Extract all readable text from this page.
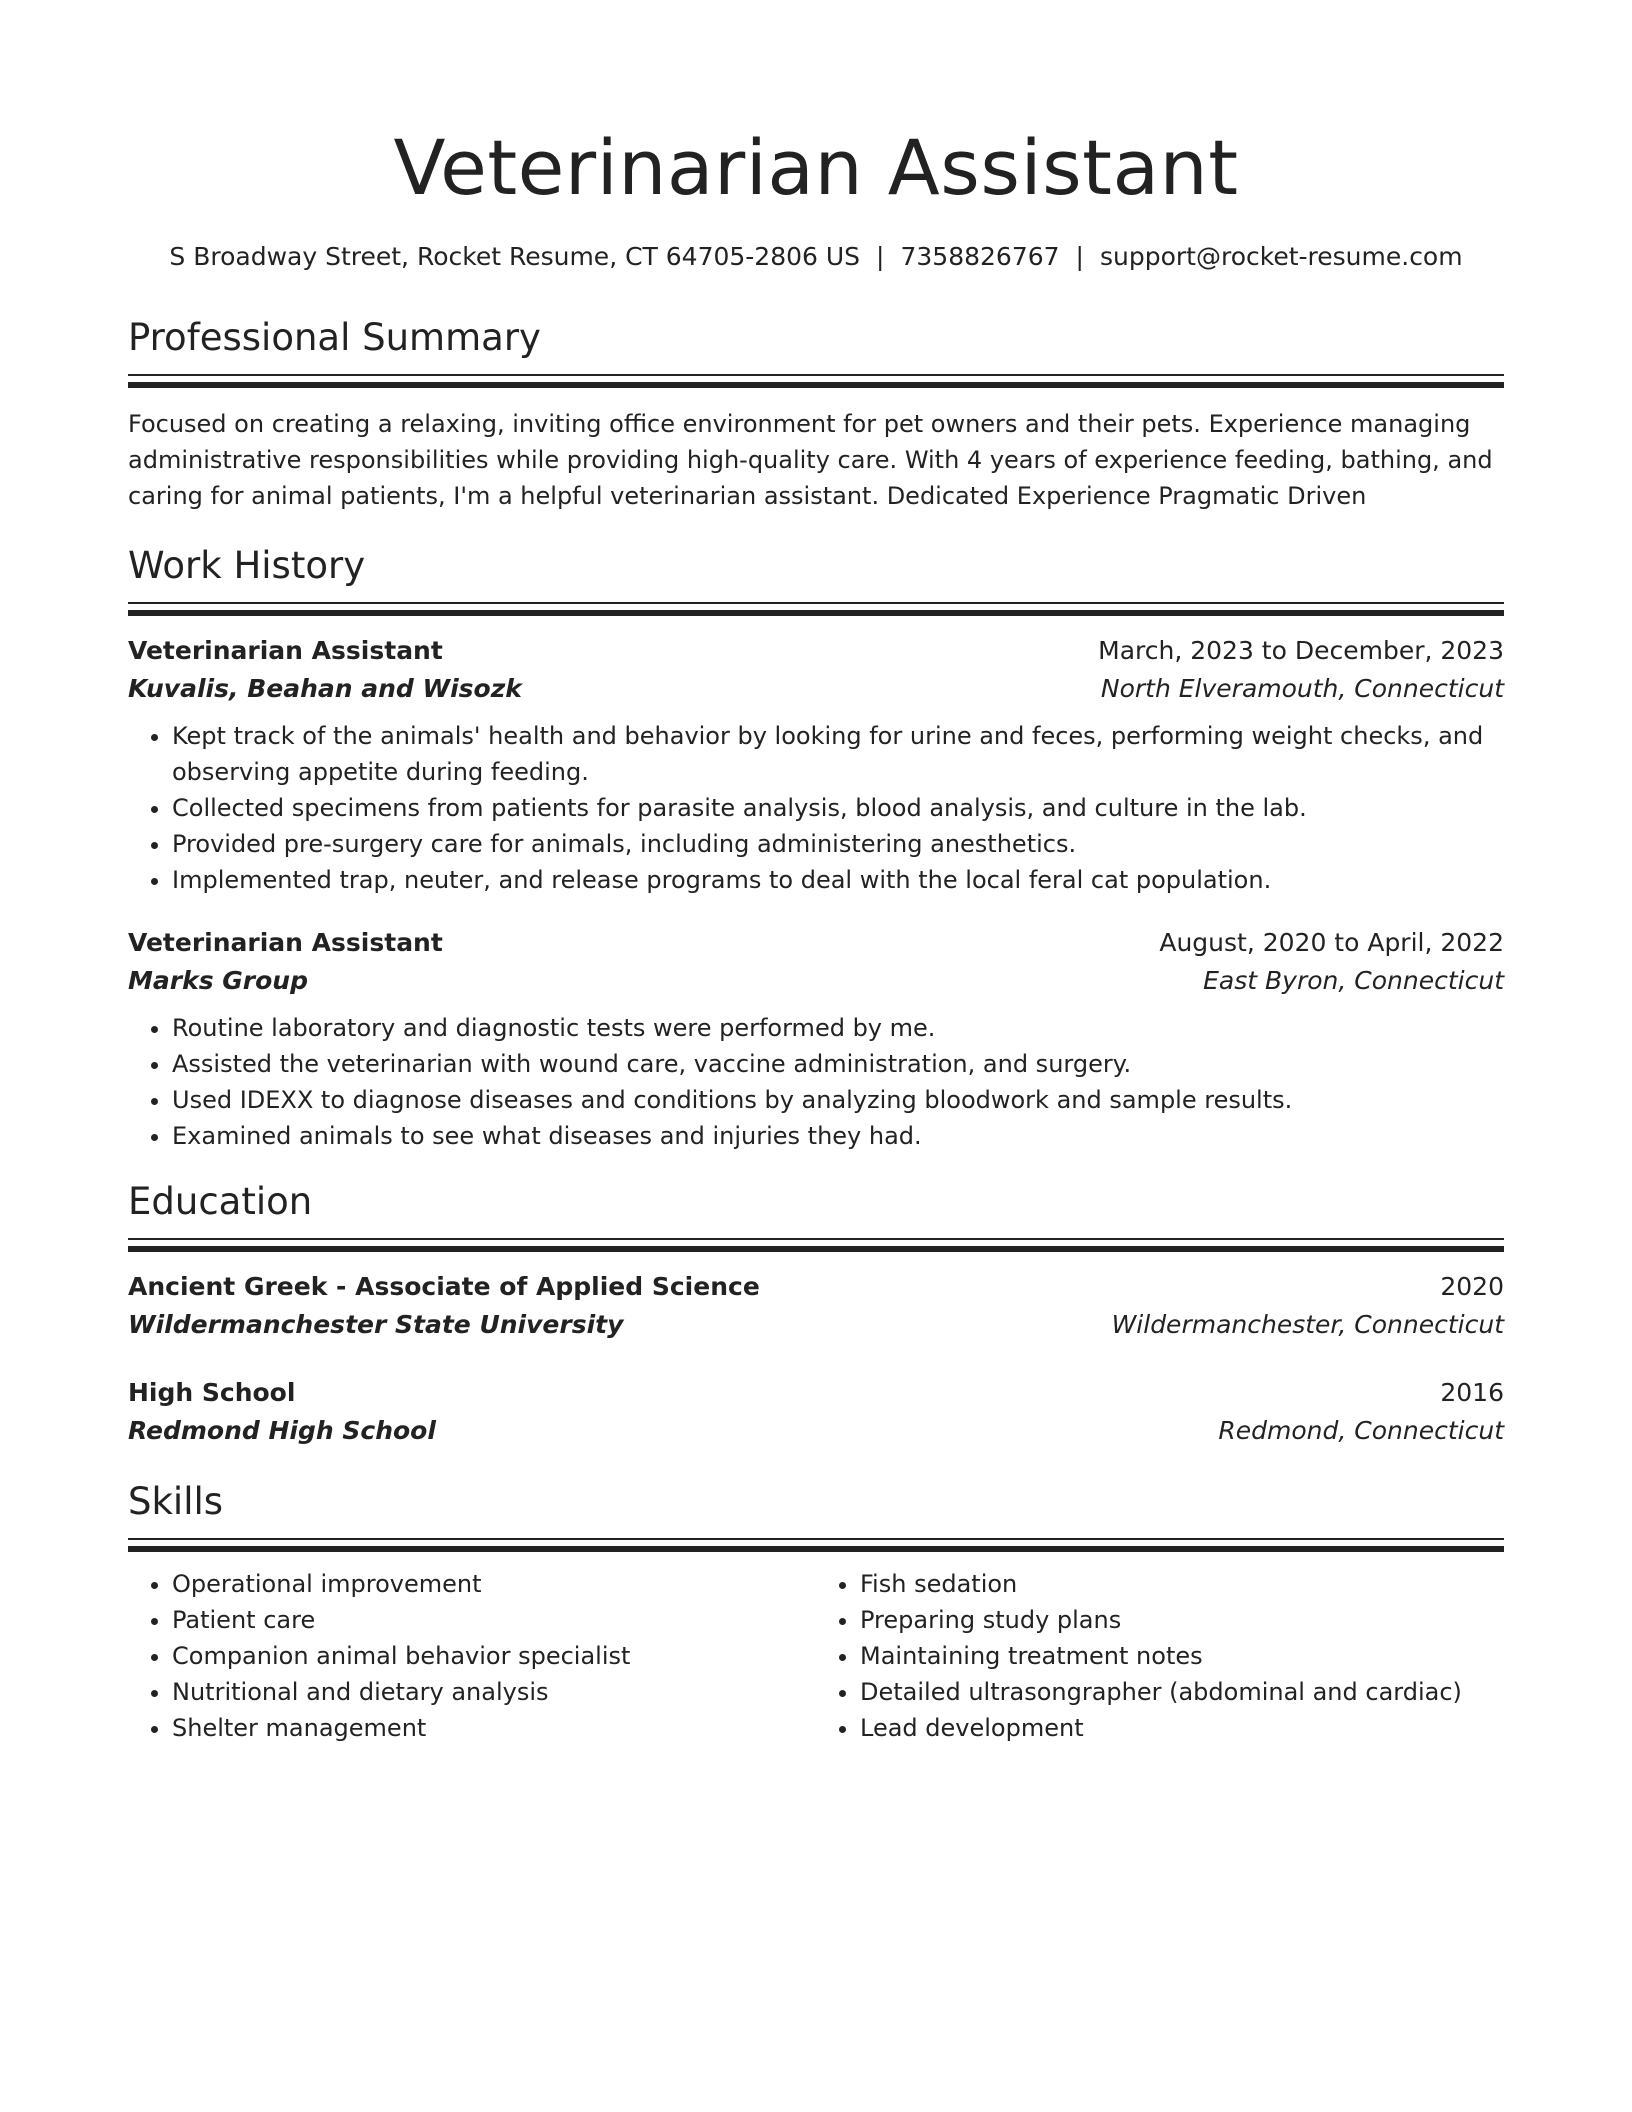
Veterinarian Assistant
S Broadway Street, Rocket Resume, CT 64705-2806 US | 7358826767 | support@rocket-resume.com
Professional Summary
Focused on creating a relaxing, inviting office environment for pet owners and their pets. Experience managing administrative responsibilities while providing high-quality care. With 4 years of experience feeding, bathing, and caring for animal patients, I'm a helpful veterinarian assistant. Dedicated Experience Pragmatic Driven
Work History
Veterinarian Assistant	March, 2023 to December, 2023
Kuvalis, Beahan and Wisozk	North Elveramouth, Connecticut
• Kept track of the animals' health and behavior by looking for urine and feces, performing weight checks, and observing appetite during feeding.
• Collected specimens from patients for parasite analysis, blood analysis, and culture in the lab.
• Provided pre-surgery care for animals, including administering anesthetics.
• Implemented trap, neuter, and release programs to deal with the local feral cat population.
Veterinarian Assistant	August, 2020 to April, 2022
Marks Group	East Byron, Connecticut
• Routine laboratory and diagnostic tests were performed by me.
• Assisted the veterinarian with wound care, vaccine administration, and surgery.
• Used IDEXX to diagnose diseases and conditions by analyzing bloodwork and sample results.
• Examined animals to see what diseases and injuries they had.
Education
Ancient Greek - Associate of Applied Science	2020
Wildermanchester State University	Wildermanchester, Connecticut
High School	2016
Redmond High School	Redmond, Connecticut
Skills
• Operational improvement
• Patient care
• Companion animal behavior specialist
• Nutritional and dietary analysis
• Shelter management
• Fish sedation
• Preparing study plans
• Maintaining treatment notes
• Detailed ultrasongrapher (abdominal and cardiac)
• Lead development
